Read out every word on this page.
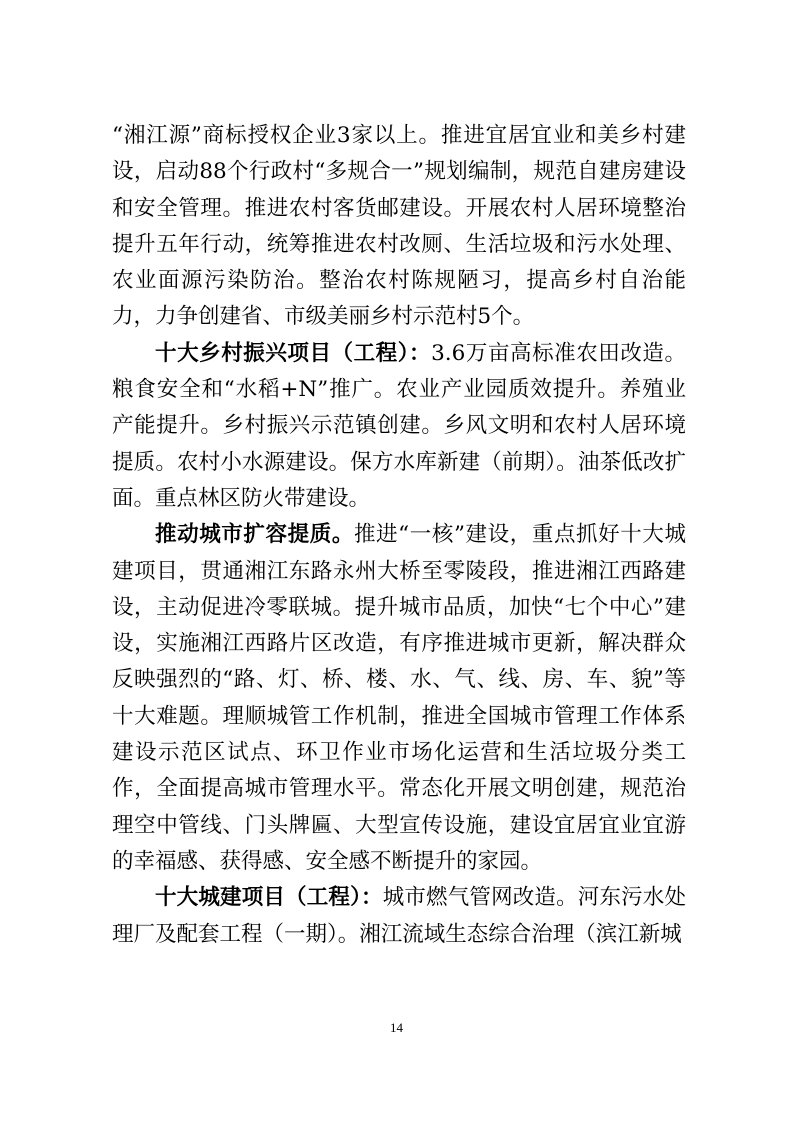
“湘江源”商标授权企业3家以上。推进宜居宜业和美乡村建设，启动88个行政村“多规合一”规划编制，规范自建房建设和安全管理。推进农村客货邮建设。开展农村人居环境整治提升五年行动，统筹推进农村改厕、生活垃圾和污水处理、农业面源污染防治。整治农村陈规陋习，提高乡村自治能力，力争创建省、市级美丽乡村示范村5个。

十大乡村振兴项目（工程）：3.6万亩高标准农田改造。粮食安全和“水稻+N”推广。农业产业园质效提升。养殖业产能提升。乡村振兴示范镇创建。乡风文明和农村人居环境提质。农村小水源建设。保方水库新建（前期）。油茶低改扩面。重点林区防火带建设。

推动城市扩容提质。推进“一核”建设，重点抓好十大城建项目，贯通湘江东路永州大桥至零陵段，推进湘江西路建设，主动促进冷零联城。提升城市品质，加快“七个中心”建设，实施湘江西路片区改造，有序推进城市更新，解决群众反映强烈的“路、灯、桥、楼、水、气、线、房、车、貌”等十大难题。理顺城管工作机制，推进全国城市管理工作体系建设示范区试点、环卫作业市场化运营和生活垃圾分类工作，全面提高城市管理水平。常态化开展文明创建，规范治理空中管线、门头牌匾、大型宣传设施，建设宜居宜业宜游的幸福感、获得感、安全感不断提升的家园。

十大城建项目（工程）：城市燃气管网改造。河东污水处理厂及配套工程（一期）。湘江流域生态综合治理（滨江新城

14
